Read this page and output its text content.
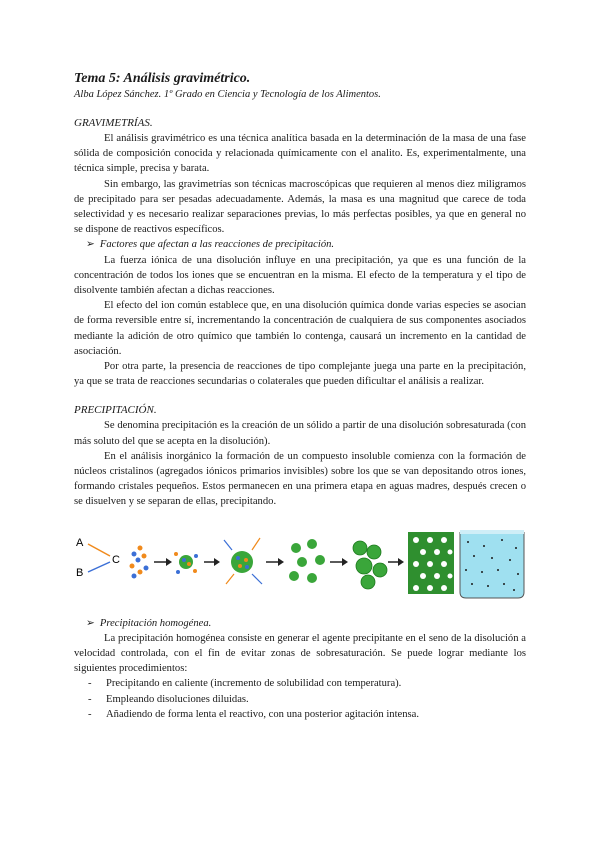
Tema 5: Análisis gravimétrico.
Alba López Sánchez. 1º Grado en Ciencia y Tecnología de los Alimentos.
GRAVIMETRÍAS.

El análisis gravimétrico es una técnica analítica basada en la determinación de la masa de una fase sólida de composición conocida y relacionada químicamente con el analito. Es, experimentalmente, una técnica simple, precisa y barata.

Sin embargo, las gravimetrías son técnicas macroscópicas que requieren al menos diez miligramos de precipitado para ser pesadas adecuadamente. Además, la masa es una magnitud que carece de toda selectividad y es necesario realizar separaciones previas, lo más perfectas posibles, ya que en general no se dispone de reactivos específicos.

➢ Factores que afectan a las reacciones de precipitación.

La fuerza iónica de una disolución influye en una precipitación, ya que es una función de la concentración de todos los iones que se encuentran en la misma. El efecto de la temperatura y el tipo de disolvente también afectan a dichas reacciones.

El efecto del ion común establece que, en una disolución química donde varias especies se asocian de forma reversible entre sí, incrementando la concentración de cualquiera de sus componentes asociados mediante la adición de otro químico que también lo contenga, causará un incremento en la cantidad de asociación.

Por otra parte, la presencia de reacciones de tipo complejante juega una parte en la precipitación, ya que se trata de reacciones secundarias o colaterales que pueden dificultar el análisis a realizar.

PRECIPITACIÓN.

Se denomina precipitación es la creación de un sólido a partir de una disolución sobresaturada (con más soluto del que se acepta en la disolución).

En el análisis inorgánico la formación de un compuesto insoluble comienza con la formación de núcleos cristalinos (agregados iónicos primarios invisibles) sobre los que se van depositando otros iones, formando cristales pequeños. Estos permanecen en una primera etapa en aguas madres, después crecen o se disuelven y se separan de ellas, precipitando.

A
B
C
➢ Precipitación homogénea.

La precipitación homogénea consiste en generar el agente precipitante en el seno de la disolución a velocidad controlada, con el fin de evitar zonas de sobresaturación. Se puede lograr mediante los siguientes procedimientos:

- Precipitando en caliente (incremento de solubilidad con temperatura).
- Empleando disoluciones diluidas.
- Añadiendo de forma lenta el reactivo, con una posterior agitación intensa.
